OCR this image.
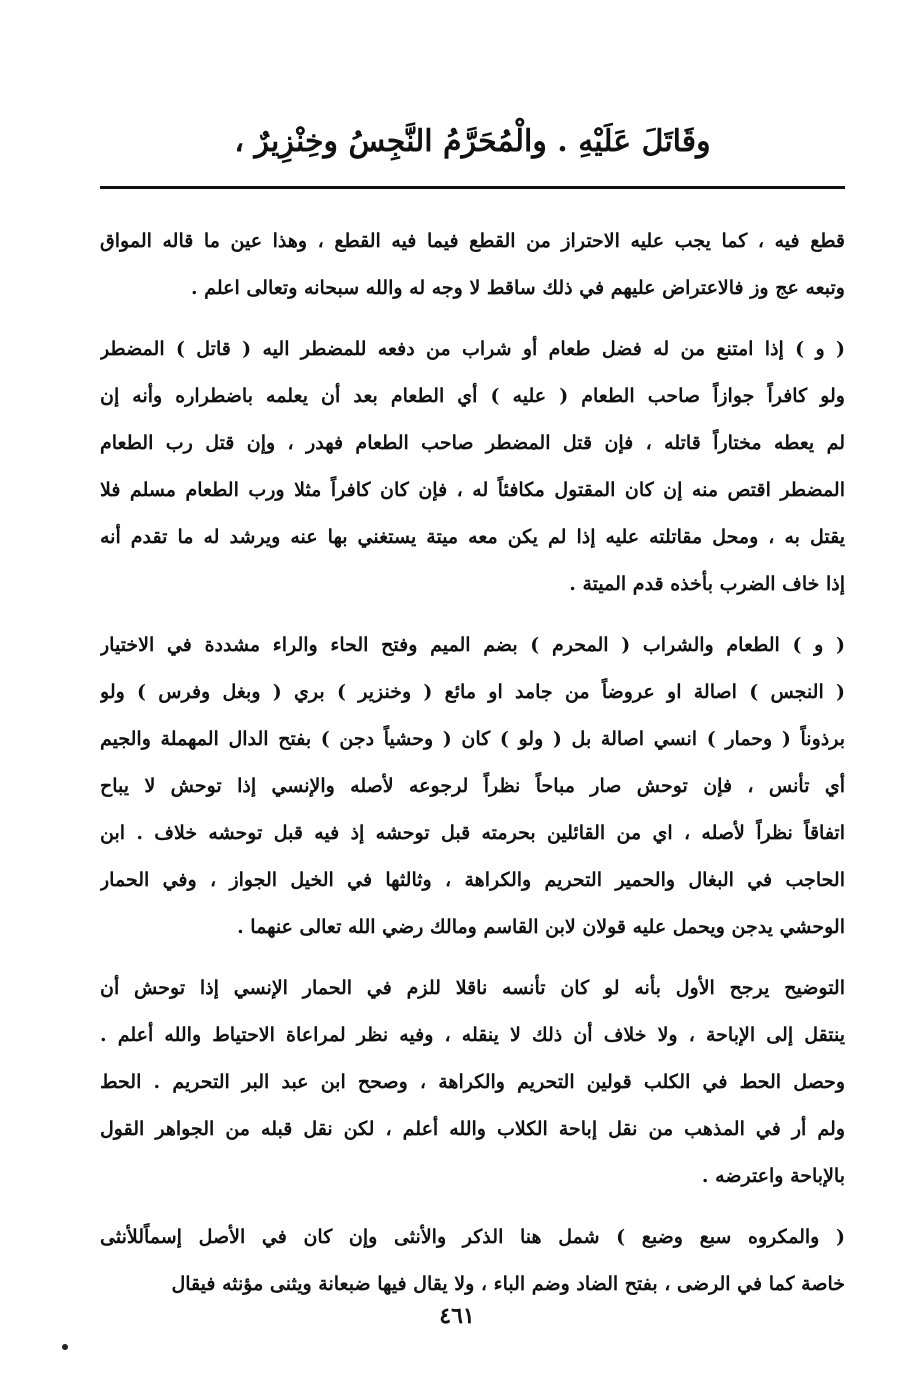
وقَاتَلَ عَلَيْهِ . والْمُحَرَّمُ النَّجِسُ وخِنْزِيرٌ ،
قطع فيه ، كما يجب عليه الاحتراز من القطع فيما فيه القطع ، وهذا عين ما قاله المواق
وتبعه عج وز فالاعتراض عليهم في ذلك ساقط لا وجه له والله سبحانه وتعالى اعلم .
( و ) إذا امتنع من له فضل طعام أو شراب من دفعه للمضطر اليه ( قاتل ) المضطر
ولو كافراً جوازاً صاحب الطعام ( عليه ) أي الطعام بعد أن يعلمه باضطراره وأنه إن
لم يعطه مختاراً قاتله ، فإن قتل المضطر صاحب الطعام فهدر ، وإن قتل رب الطعام
المضطر اقتص منه إن كان المقتول مكافئاً له ، فإن كان كافراً مثلا ورب الطعام مسلم فلا
يقتل به ، ومحل مقاتلته عليه إذا لم يكن معه ميتة يستغني بها عنه ويرشد له ما تقدم أنه
إذا خاف الضرب بأخذه قدم الميتة .
( و ) الطعام والشراب ( المحرم ) بضم الميم وفتح الحاء والراء مشددة في الاختيار
( النجس ) اصالة او عروضاً من جامد او مائع ( وخنزير ) بري ( وبغل وفرس ) ولو
برذوناً ( وحمار ) انسي اصالة بل ( ولو ) كان ( وحشياً دجن ) بفتح الدال المهملة والجيم
أي تأنس ، فإن توحش صار مباحاً نظراً لرجوعه لأصله والإنسي إذا توحش لا يباح
اتفاقاً نظراً لأصله ، اي من القائلين بحرمته قبل توحشه إذ فيه قبل توحشه خلاف . ابن
الحاجب في البغال والحمير التحريم والكراهة ، وثالثها في الخيل الجواز ، وفي الحمار
الوحشي يدجن ويحمل عليه قولان لابن القاسم ومالك رضي الله تعالى عنهما .
التوضيح يرجح الأول بأنه لو كان تأنسه ناقلا للزم في الحمار الإنسي إذا توحش أن
ينتقل إلى الإباحة ، ولا خلاف أن ذلك لا ينقله ، وفيه نظر لمراعاة الاحتياط والله أعلم .
وحصل الحط في الكلب قولين التحريم والكراهة ، وصحح ابن عبد البر التحريم . الحط
ولم أر في المذهب من نقل إباحة الكلاب والله أعلم ، لكن نقل قبله من الجواهر القول
بالإباحة واعترضه .
( والمكروه سبع وضبع ) شمل هنا الذكر والأنثى وإن كان في الأصل إسماًللأنثى
خاصة كما في الرضى ، بفتح الضاد وضم الباء ، ولا يقال فيها ضبعانة ويثنى مؤنثه فيقال
٤٦١
